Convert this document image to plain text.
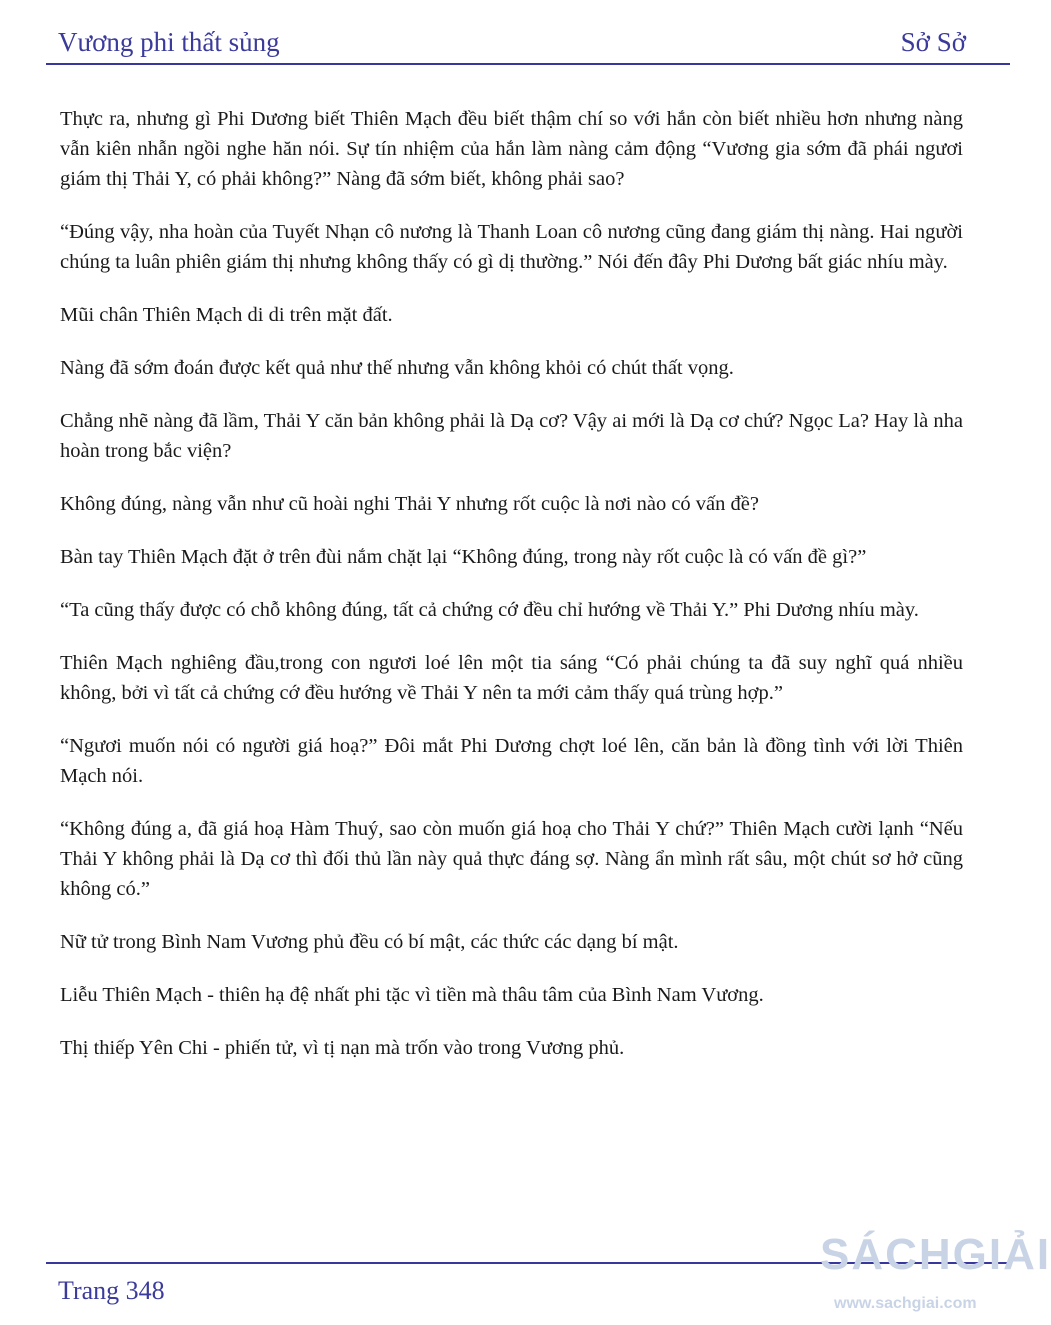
Vương phi thất sủng	Sở Sở

Thực ra, nhưng gì Phi Dương biết Thiên Mạch đều biết thậm chí so với hắn còn biết nhiều hơn nhưng nàng vẫn kiên nhẫn ngồi nghe hăn nói. Sự tín nhiệm của hắn làm nàng cảm động “Vương gia sớm đã phái ngươi giám thị Thải Y, có phải không?” Nàng đã sớm biết, không phải sao?

“Đúng vậy, nha hoàn của Tuyết Nhạn cô nương là Thanh Loan cô nương cũng đang giám thị nàng. Hai người chúng ta luân phiên giám thị nhưng không thấy có gì dị thường.” Nói đến đây Phi Dương bất giác nhíu mày.

Mũi chân Thiên Mạch di di trên mặt đất.

Nàng đã sớm đoán được kết quả như thế nhưng vẫn không khỏi có chút thất vọng.

Chẳng nhẽ nàng đã lầm, Thải Y căn bản không phải là Dạ cơ? Vậy ai mới là Dạ cơ chứ? Ngọc La? Hay là nha hoàn trong bắc viện?

Không đúng, nàng vẫn như cũ hoài nghi Thải Y nhưng rốt cuộc là nơi nào có vấn đề?

Bàn tay Thiên Mạch đặt ở trên đùi nắm chặt lại “Không đúng, trong này rốt cuộc là có vấn đề gì?”

“Ta cũng thấy được có chỗ không đúng, tất cả chứng cớ đều chỉ hướng về Thải Y.” Phi Dương nhíu mày.

Thiên Mạch nghiêng đầu,trong con ngươi loé lên một tia sáng “Có phải chúng ta đã suy nghĩ quá nhiều không, bởi vì tất cả chứng cớ đều hướng về Thải Y nên ta mới cảm thấy quá trùng hợp.”

“Ngươi muốn nói có người giá hoạ?” Đôi mắt Phi Dương chợt loé lên, căn bản là đồng tình với lời Thiên Mạch nói.

“Không đúng a, đã giá hoạ Hàm Thuý, sao còn muốn giá hoạ cho Thải Y chứ?” Thiên Mạch cười lạnh “Nếu Thải Y không phải là Dạ cơ thì đối thủ lần này quả thực đáng sợ. Nàng ẩn mình rất sâu, một chút sơ hở cũng không có.”

Nữ tử trong Bình Nam Vương phủ đều có bí mật, các thức các dạng bí mật.

Liễu Thiên Mạch - thiên hạ đệ nhất phi tặc vì tiền mà thâu tâm của Bình Nam Vương.

Thị thiếp Yên Chi - phiến tử, vì tị nạn mà trốn vào trong Vương phủ.

Trang 348
SÁCHGIẢI
www.sachgiai.com
